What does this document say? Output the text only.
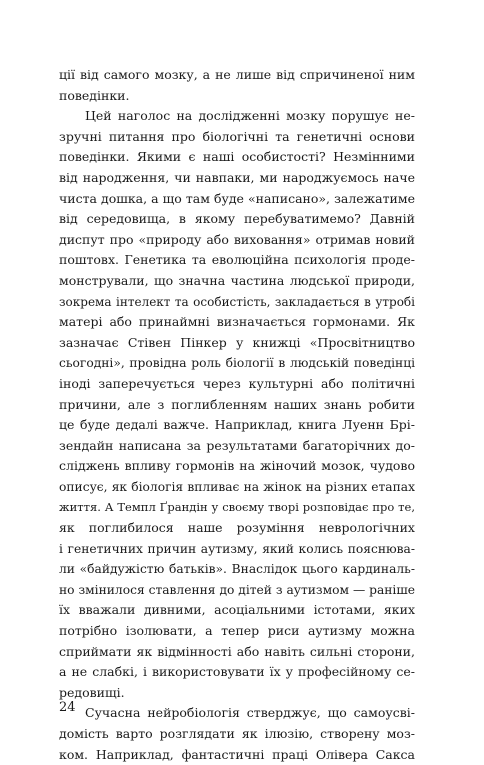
ції від самого мозку, а не лише від спричиненої ним
поведінки.
Цей наголос на дослідженні мозку порушує не-
зручні питання про біологічні та генетичні основи
поведінки. Якими є наші особистості? Незмінними
від народження, чи навпаки, ми народжуємось наче
чиста дошка, а що там буде «написано», залежатиме
від середовища, в якому перебуватимемо? Давній
диспут про «природу або виховання» отримав новий
поштовх. Генетика та еволюційна психологія проде-
монстрували, що значна частина людської природи,
зокрема інтелект та особистість, закладається в утробі
матері або принаймні визначається гормонами. Як
зазначає Стівен Пінкер у книжці «Просвітництво
сьогодні», провідна роль біології в людській поведінці
іноді заперечується через культурні або політичні
причини, але з поглибленням наших знань робити
це буде дедалі важче. Наприклад, книга Луенн Брі-
зендайн написана за результатами багаторічних до-
сліджень впливу гормонів на жіночий мозок, чудово
описує, як біологія впливає на жінок на різних етапах
життя. А Темпл Ґрандін у своєму творі розповідає про те,
як поглибилося наше розуміння неврологічних
і генетичних причин аутизму, який колись пояснюва-
ли «байдужістю батьків». Внаслідок цього кардиналь-
но змінилося ставлення до дітей з аутизмом — раніше
їх вважали дивними, асоціальними істотами, яких
потрібно ізолювати, а тепер риси аутизму можна
сприймати як відмінності або навіть сильні сторони,
а не слабкі, і використовувати їх у професійному се-
редовищі.
Сучасна нейробіологія стверджує, що самоусві-
домість варто розглядати як ілюзію, створену моз-
ком. Наприклад, фантастичні праці Олівера Сакса
24
